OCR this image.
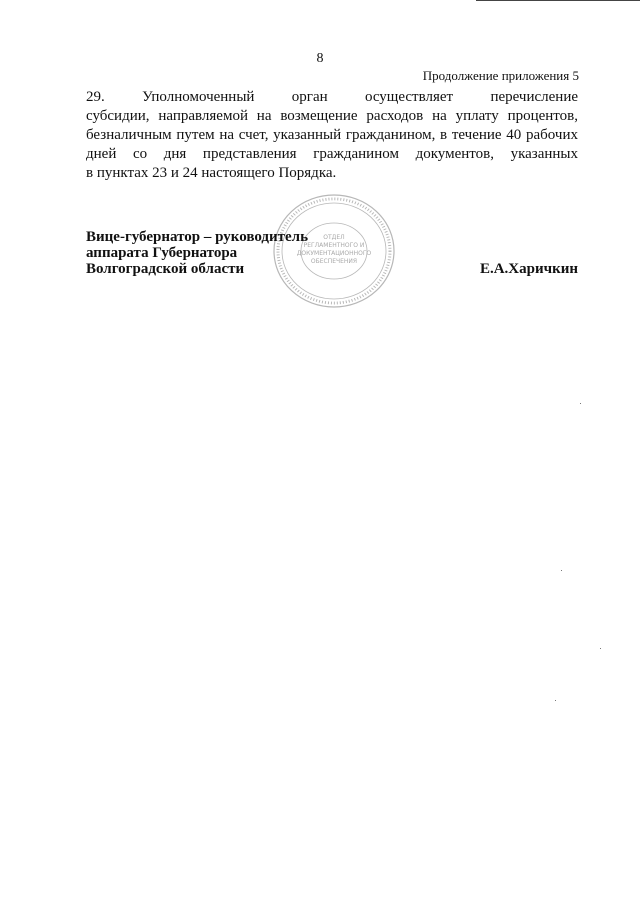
8
Продолжение приложения 5
29. Уполномоченный орган осуществляет перечисление
субсидии, направляемой на возмещение расходов на уплату процентов,
безналичным путем на счет, указанный гражданином, в течение 40 рабочих
дней со дня представления гражданином документов, указанных
в пунктах 23 и 24 настоящего Порядка.
ОТДЕЛ
РЕГЛАМЕНТНОГО И
ДОКУМЕНТАЦИОННОГО
ОБЕСПЕЧЕНИЯ
Вице-губернатор – руководитель
аппарата Губернатора
Волгоградской области	Е.А.Харичкин
